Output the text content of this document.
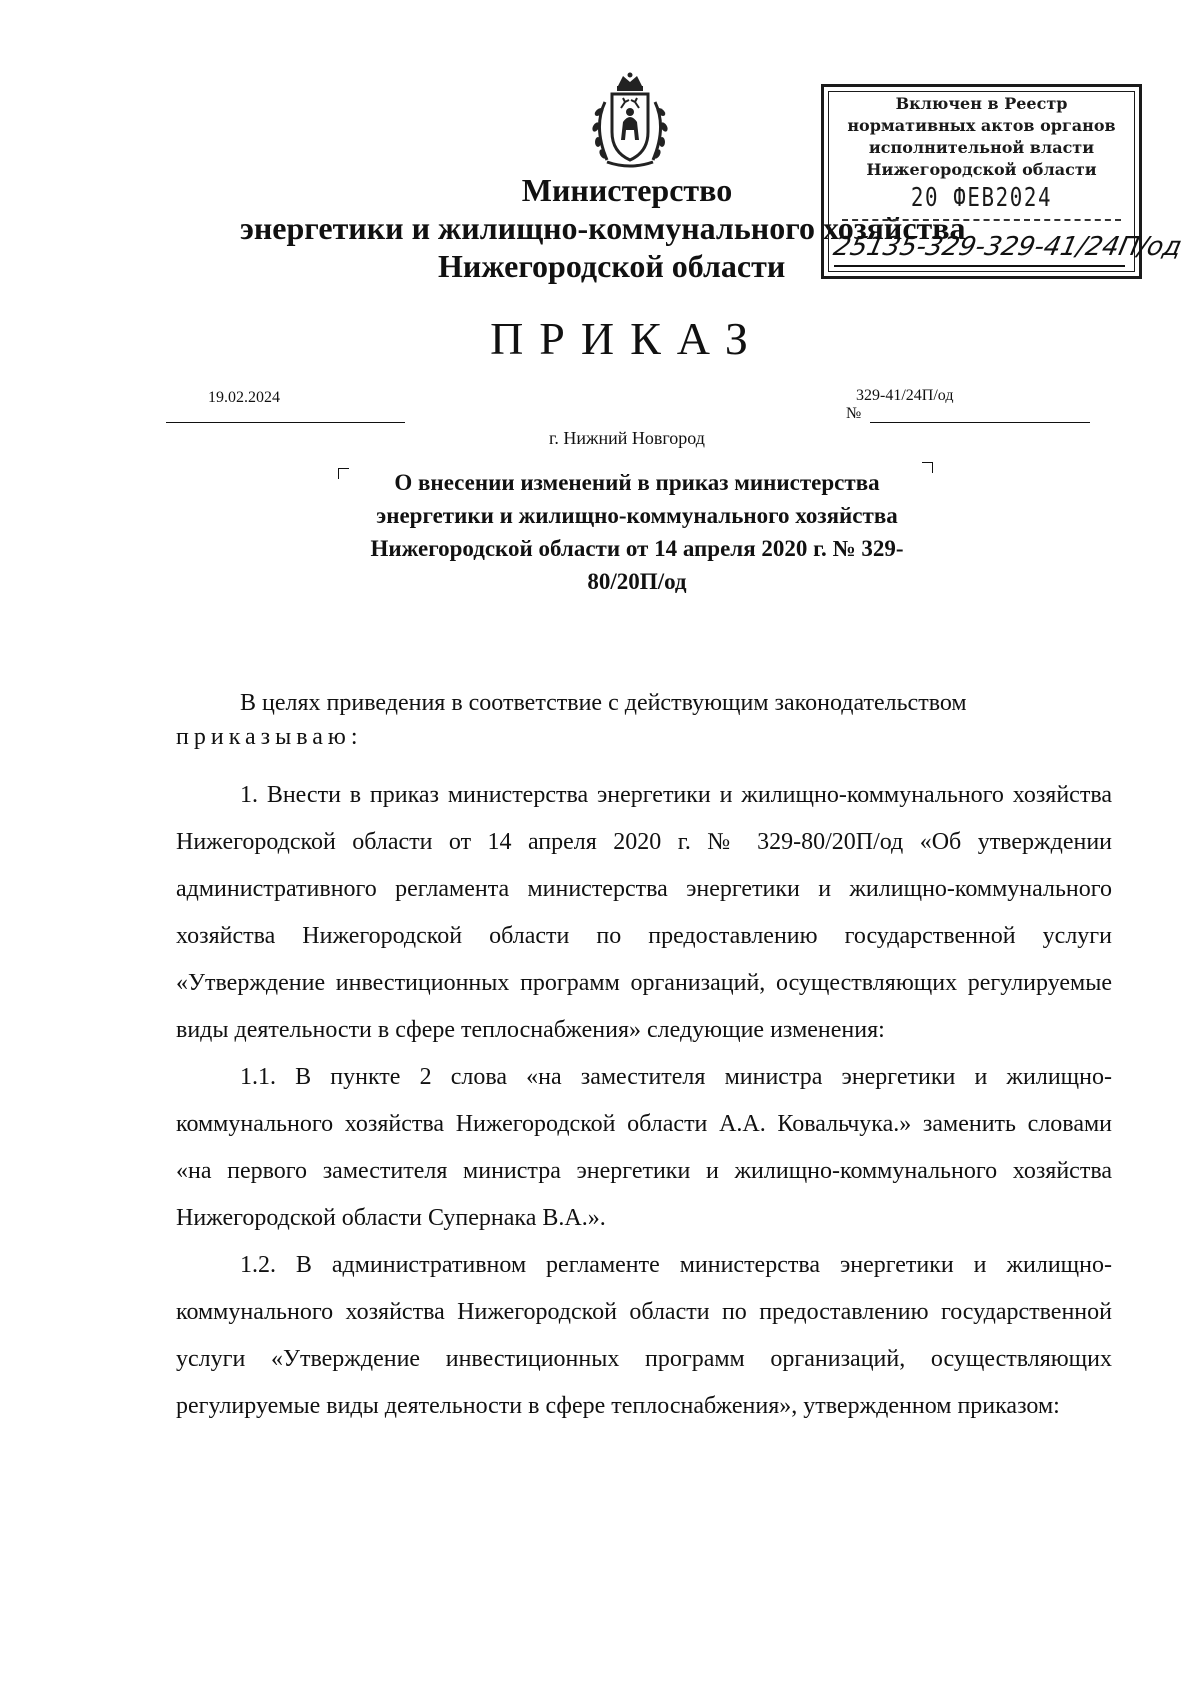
Министерство
энергетики и жилищно-коммунального хозяйства
Нижегородской области
Включен в Реестр
нормативных актов органов
исполнительной власти
Нижегородской области
20 ФЕВ2024
25135-329-329-41/24П/од
ПРИКАЗ
19.02.2024	329-41/24П/од
№
г. Нижний Новгород
О внесении изменений в приказ министерства энергетики и жилищно-коммунального хозяйства Нижегородской области от 14 апреля 2020 г. № 329-80/20П/од

В целях приведения в соответствие с действующим законодательством

приказываю:

1. Внести в приказ министерства энергетики и жилищно-коммунального хозяйства Нижегородской области от 14 апреля 2020 г. № 329-80/20П/од «Об утверждении административного регламента министерства энергетики и жилищно-коммунального хозяйства Нижегородской области по предоставлению государственной услуги «Утверждение инвестиционных программ организаций, осуществляющих регулируемые виды деятельности в сфере теплоснабжения» следующие изменения:

1.1. В пункте 2 слова «на заместителя министра энергетики и жилищно-коммунального хозяйства Нижегородской области А.А. Ковальчука.» заменить словами «на первого заместителя министра энергетики и жилищно-коммунального хозяйства Нижегородской области Супернака В.А.».

1.2. В административном регламенте министерства энергетики и жилищно-коммунального хозяйства Нижегородской области по предоставлению государственной услуги «Утверждение инвестиционных программ организаций, осуществляющих регулируемые виды деятельности в сфере теплоснабжения», утвержденном приказом:
